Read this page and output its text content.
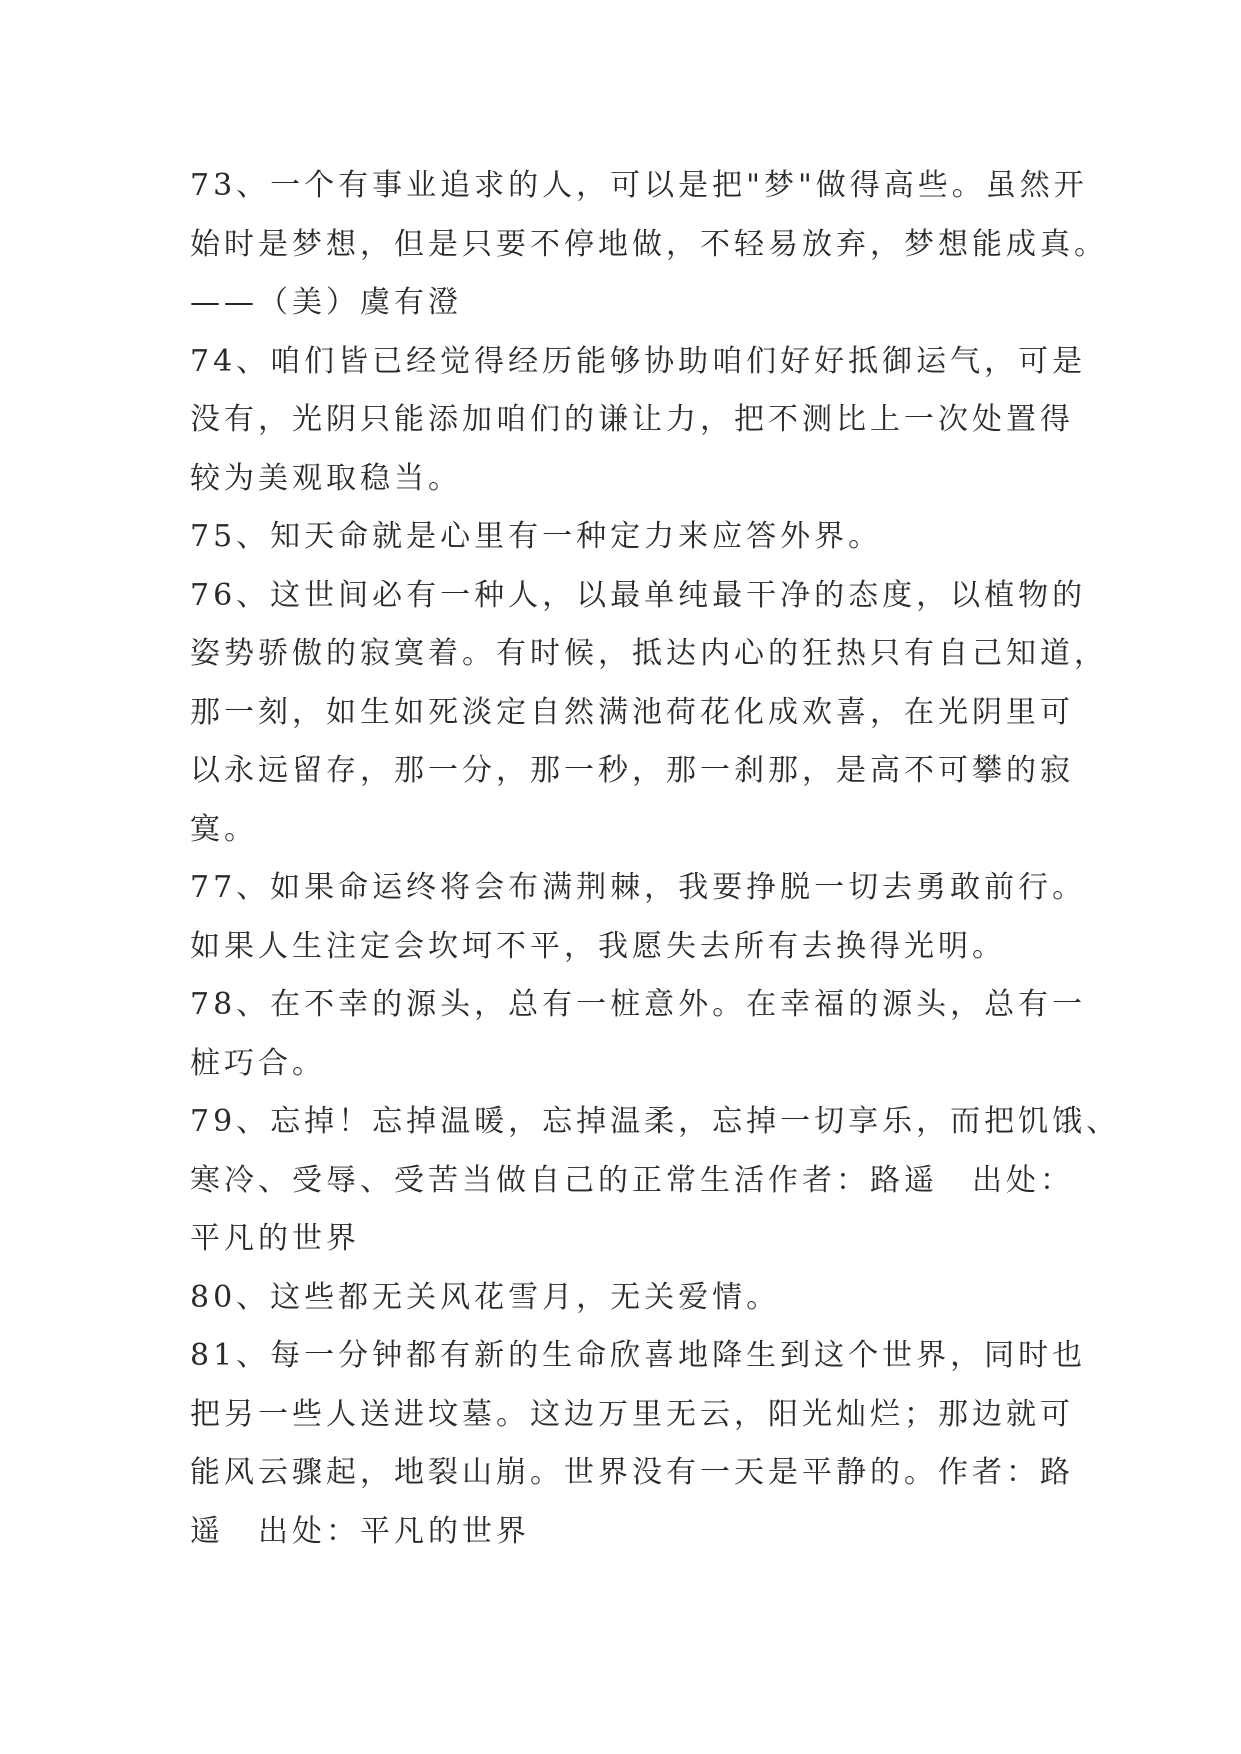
73、一个有事业追求的人，可以是把"梦"做得高些。虽然开
始时是梦想，但是只要不停地做，不轻易放弃，梦想能成真。
——（美）虞有澄
74、咱们皆已经觉得经历能够协助咱们好好抵御运气，可是
没有，光阴只能添加咱们的谦让力，把不测比上一次处置得
较为美观取稳当。
75、知天命就是心里有一种定力来应答外界。
76、这世间必有一种人，以最单纯最干净的态度，以植物的
姿势骄傲的寂寞着。有时候，抵达内心的狂热只有自己知道，
那一刻，如生如死淡定自然满池荷花化成欢喜，在光阴里可
以永远留存，那一分，那一秒，那一刹那，是高不可攀的寂
寞。
77、如果命运终将会布满荆棘，我要挣脱一切去勇敢前行。
如果人生注定会坎坷不平，我愿失去所有去换得光明。
78、在不幸的源头，总有一桩意外。在幸福的源头，总有一
桩巧合。
79、忘掉！忘掉温暖，忘掉温柔，忘掉一切享乐，而把饥饿、
寒冷、受辱、受苦当做自己的正常生活作者：路遥　出处：
平凡的世界
80、这些都无关风花雪月，无关爱情。
81、每一分钟都有新的生命欣喜地降生到这个世界，同时也
把另一些人送进坟墓。这边万里无云，阳光灿烂；那边就可
能风云骤起，地裂山崩。世界没有一天是平静的。作者：路
遥　出处：平凡的世界
